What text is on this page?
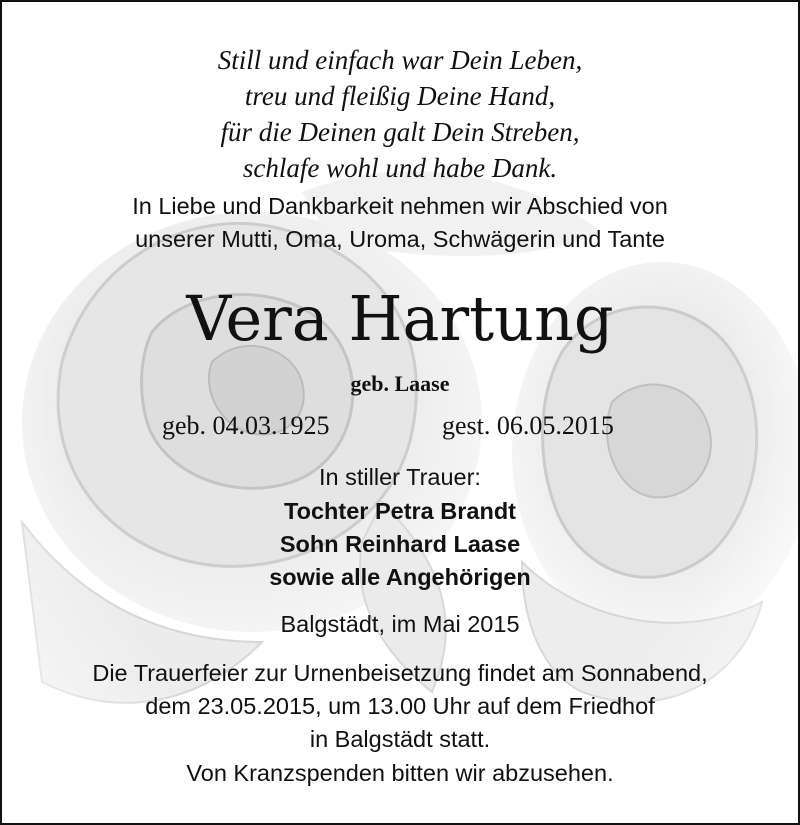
Still und einfach war Dein Leben,
treu und fleißig Deine Hand,
für die Deinen galt Dein Streben,
schlafe wohl und habe Dank.
In Liebe und Dankbarkeit nehmen wir Abschied von
unserer Mutti, Oma, Uroma, Schwägerin und Tante
Vera Hartung
geb. Laase
geb. 04.03.1925	gest. 06.05.2015
In stiller Trauer:
Tochter Petra Brandt
Sohn Reinhard Laase
sowie alle Angehörigen
Balgstädt, im Mai 2015
Die Trauerfeier zur Urnenbeisetzung findet am Sonnabend,
dem 23.05.2015, um 13.00 Uhr auf dem Friedhof
in Balgstädt statt.
Von Kranzspenden bitten wir abzusehen.
